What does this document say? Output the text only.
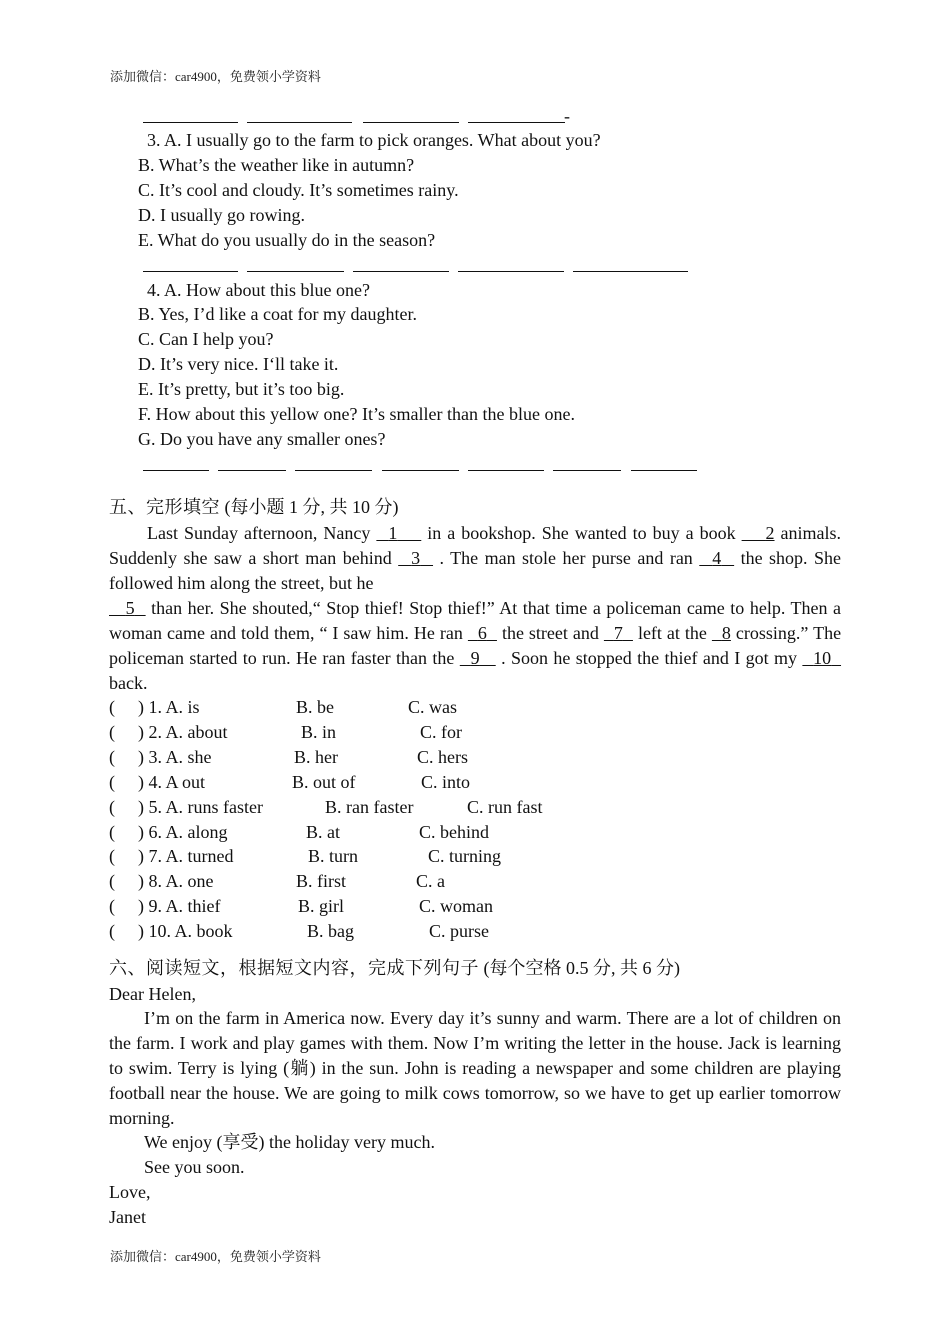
添加微信：car4900，免费领小学资料
-
3. A. I usually go to the farm to pick oranges. What about you?
B. What’s the weather like in autumn?
C. It’s cool and cloudy. It’s sometimes rainy.
D. I usually go rowing.
E. What do you usually do in the season?
4. A. How about this blue one?
B. Yes, I’d like a coat for my daughter.
C. Can I help you?
D. It’s very nice. I‘ll take it.
E. It’s pretty, but it’s too big.
F. How about this yellow one? It’s smaller than the blue one.
G. Do you have any smaller ones?
五、完形填空 (每小题 1 分, 共 10 分)
Last Sunday afternoon, Nancy   1     in a bookshop. She wanted to buy a book     2 animals. Suddenly she saw a short man behind   3   . The man stole her purse and ran   4   the shop. She followed him along the street, but he
5   than her. She shouted,“ Stop thief! Stop thief!” At that time a policeman came to help. Then a woman came and told them, “ I saw him. He ran   6   the street and   7   left at the   8 crossing.” The policeman started to run. He ran faster than the   9    . Soon he stopped the thief and I got my   10   back.
( ) 1. A. is	B. be	C. was
( ) 2. A. about	B. in	C. for
( ) 3. A. she	B. her	C. hers
( ) 4. A out	B. out of	C. into
( ) 5. A. runs faster	B. ran faster	C. run fast
( ) 6. A. along	B. at	C. behind
( ) 7. A. turned	B. turn	C. turning
( ) 8. A. one	B. first	C. a
( ) 9. A. thief	B. girl	C. woman
( ) 10. A. book	B. bag	C. purse
六、阅读短文，根据短文内容，完成下列句子 (每个空格 0.5 分, 共 6 分)
Dear Helen,
I’m on the farm in America now. Every day it’s sunny and warm. There are a lot of children on the farm. I work and play games with them. Now I’m writing the letter in the house. Jack is learning to swim. Terry is lying (躺) in the sun. John is reading a newspaper and some children are playing football near the house. We are going to milk cows tomorrow, so we have to get up earlier tomorrow morning.
We enjoy (享受) the holiday very much.
See you soon.
Love,
Janet
添加微信：car4900，免费领小学资料
